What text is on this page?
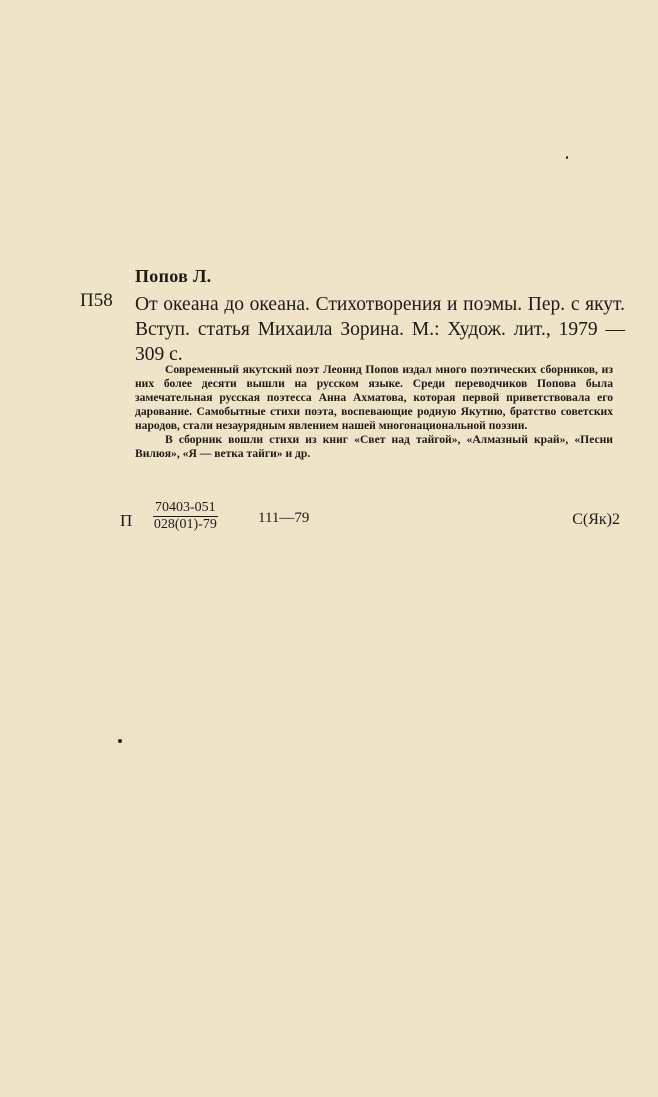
Попов Л.
П58 От океана до океана. Стихотворения и поэмы. Пер. с якут. Вступ. статья Михаила Зорина. М.: Худож. лит., 1979 — 309 с.

Современный якутский поэт Леонид Попов издал много поэтических сборников, из них более десяти вышли на русском языке. Среди переводчиков Попова была замечательная русская поэтесса Анна Ахматова, которая первой приветствовала его дарование. Самобытные стихи поэта, воспевающие родную Якутию, братство советских народов, стали незаурядным явлением нашей многонациональной поэзии.

В сборник вошли стихи из книг «Свет над тайгой», «Алмазный край», «Песни Вилюя», «Я — ветка тайги» и др.

П $\frac{70403-051}{028(01)-79}$	111—79	С(Як)2
